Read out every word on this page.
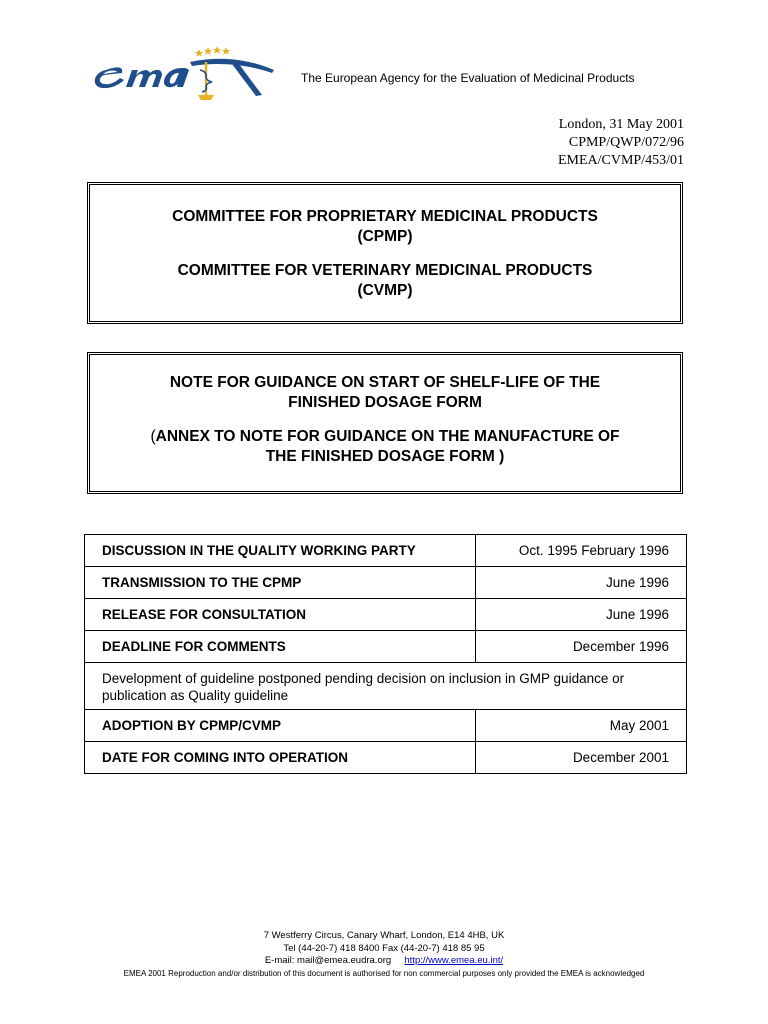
The European Agency for the Evaluation of Medicinal Products
London, 31 May 2001
CPMP/QWP/072/96
EMEA/CVMP/453/01
COMMITTEE FOR PROPRIETARY MEDICINAL PRODUCTS
(CPMP)
COMMITTEE FOR VETERINARY MEDICINAL PRODUCTS
(CVMP)
NOTE FOR GUIDANCE ON START OF SHELF-LIFE OF THE
FINISHED DOSAGE FORM
(ANNEX TO NOTE FOR GUIDANCE ON THE MANUFACTURE OF
THE FINISHED DOSAGE FORM )
DISCUSSION IN THE QUALITY WORKING PARTY	Oct. 1995 February 1996
TRANSMISSION TO THE CPMP	June 1996
RELEASE FOR CONSULTATION	June 1996
DEADLINE FOR COMMENTS	December 1996
Development of guideline postponed pending decision on inclusion in GMP guidance or publication as Quality guideline	
ADOPTION BY CPMP/CVMP	May 2001
DATE FOR COMING INTO OPERATION	December 2001
7 Westferry Circus, Canary Wharf, London, E14 4HB, UK
Tel (44-20-7) 418 8400 Fax (44-20-7) 418 85 95
E-mail: mail@emea.eudra.org http://www.emea.eu.int/
EMEA 2001 Reproduction and/or distribution of this document is authorised for non commercial purposes only provided the EMEA is acknowledged
